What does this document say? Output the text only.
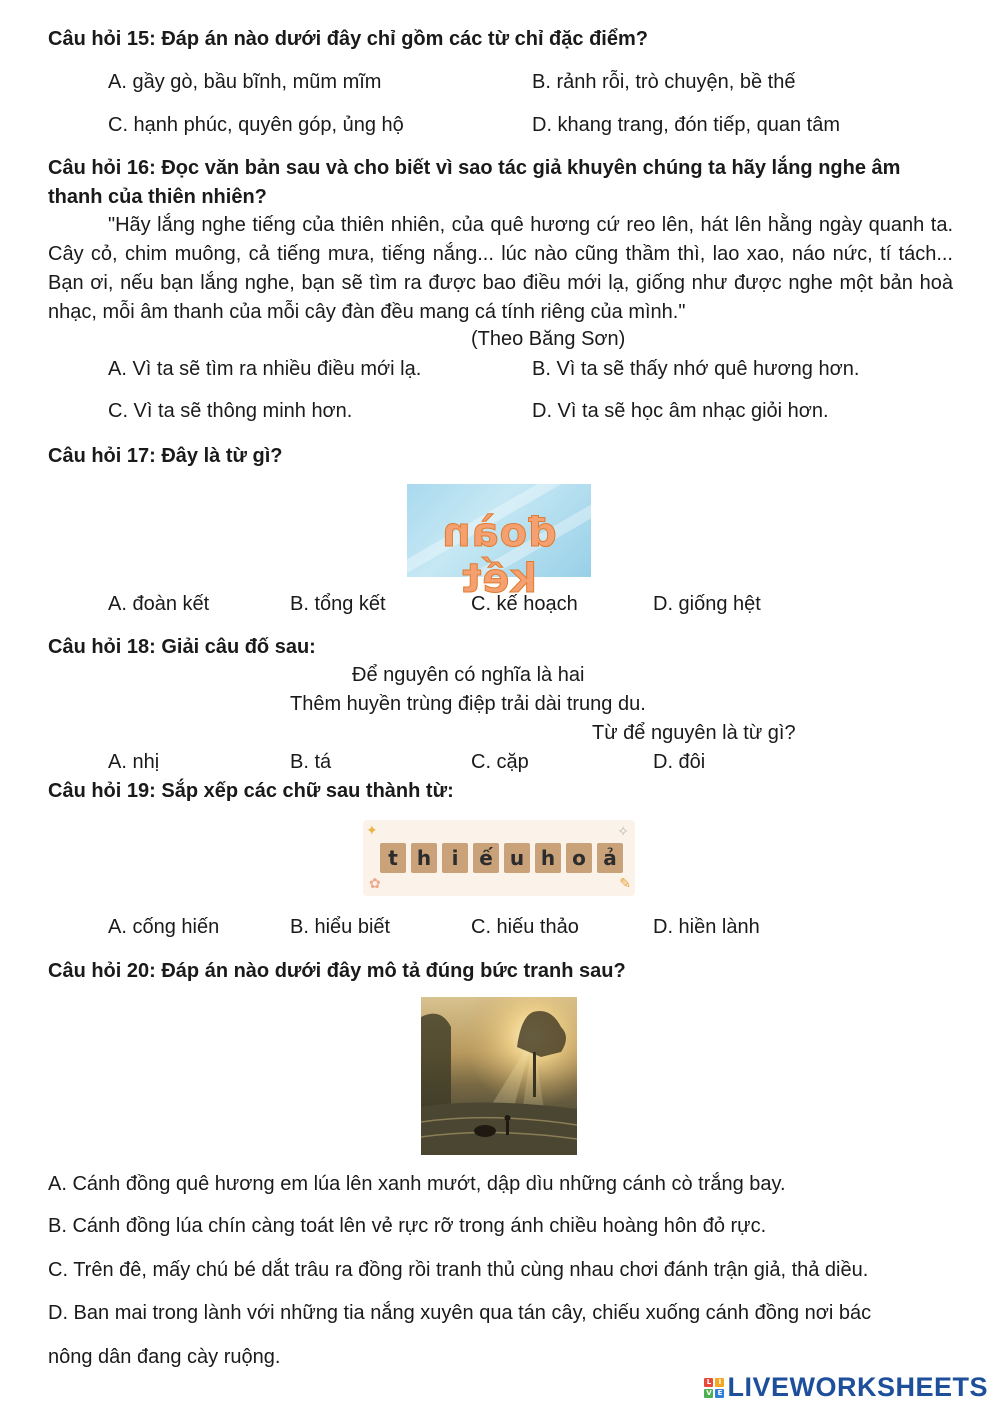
Câu hỏi 15: Đáp án nào dưới đây chỉ gồm các từ chỉ đặc điểm?
A. gầy gò, bầu bĩnh, mũm mĩm	B. rảnh rỗi, trò chuyện, bề thế
C. hạnh phúc, quyên góp, ủng hộ	D. khang trang, đón tiếp, quan tâm
Câu hỏi 16: Đọc văn bản sau và cho biết vì sao tác giả khuyên chúng ta hãy lắng nghe âm
thanh của thiên nhiên?
"Hãy lắng nghe tiếng của thiên nhiên, của quê hương cứ reo lên, hát lên hằng ngày quanh ta. Cây cỏ, chim muông, cả tiếng mưa, tiếng nắng... lúc nào cũng thầm thì, lao xao, náo nức, tí tách... Bạn ơi, nếu bạn lắng nghe, bạn sẽ tìm ra được bao điều mới lạ, giống như được nghe một bản hoà nhạc, mỗi âm thanh của mỗi cây đàn đều mang cá tính riêng của mình."
(Theo Băng Sơn)
A. Vì ta sẽ tìm ra nhiều điều mới lạ.	B. Vì ta sẽ thấy nhớ quê hương hơn.
C. Vì ta sẽ thông minh hơn.	D. Vì ta sẽ học âm nhạc giỏi hơn.
Câu hỏi 17: Đây là từ gì?
đoàn kết
A. đoàn kết	B. tổng kết	C. kế hoạch	D. giống hệt
Câu hỏi 18: Giải câu đố sau:
Để nguyên có nghĩa là hai
Thêm huyền trùng điệp trải dài trung du.
Từ để nguyên là từ gì?
A. nhị	B. tá	C. cặp	D. đôi
Câu hỏi 19: Sắp xếp các chữ sau thành từ:
✦	✧
✿	✎
t h	i	ế u h o ả
A. cống hiến	B. hiểu biết	C. hiếu thảo	D. hiền lành
Câu hỏi 20: Đáp án nào dưới đây mô tả đúng bức tranh sau?
A. Cánh đồng quê hương em lúa lên xanh mướt, dập dìu những cánh cò trắng bay.
B. Cánh đồng lúa chín càng toát lên vẻ rực rỡ trong ánh chiều hoàng hôn đỏ rực.
C. Trên đê, mấy chú bé dắt trâu ra đồng rồi tranh thủ cùng nhau chơi đánh trận giả, thả diều.
D. Ban mai trong lành với những tia nắng xuyên qua tán cây, chiếu xuống cánh đồng nơi bác
nông dân đang cày ruộng.
L	I
V E LIVEWORKSHEETS
